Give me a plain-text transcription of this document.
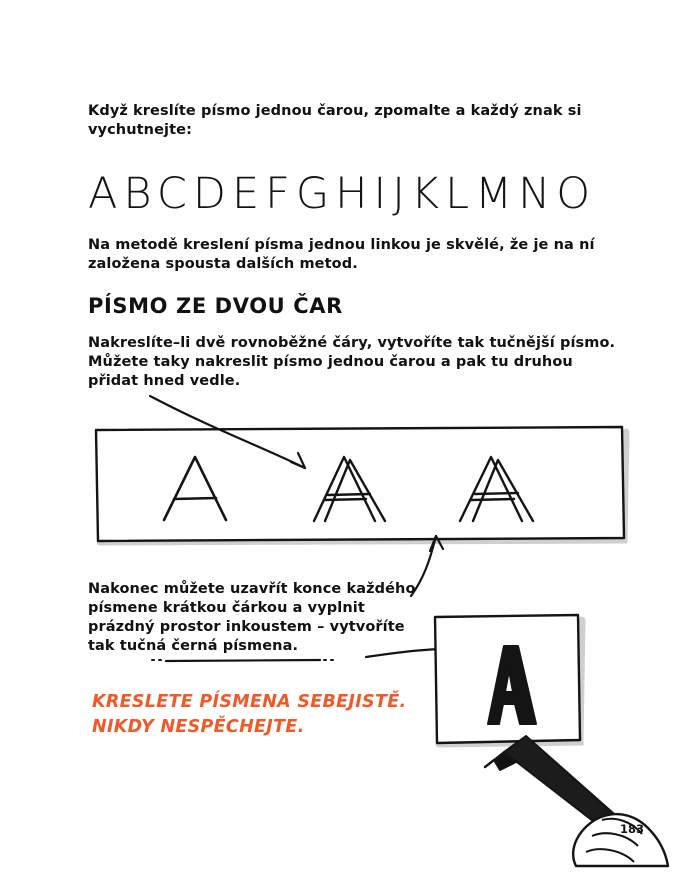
Když kreslíte písmo jednou čarou, zpomalte a každý znak si vychutnejte:
ABCDEFGHIJKLMNO
Na metodě kreslení písma jednou linkou je skvělé, že je na ní založena spousta dalších metod.
PÍSMO ZE DVOU ČAR
Nakreslíte–li dvě rovnoběžné čáry, vytvoříte tak tučnější písmo. Můžete taky nakreslit písmo jednou čarou a pak tu druhou přidat hned vedle.
Nakonec můžete uzavřít konce každého písmene krátkou čárkou a vyplnit prázdný prostor inkoustem – vytvoříte tak tučná černá písmena.
KRESLETE PÍSMENA SEBEJISTĚ. NIKDY NESPĚCHEJTE.
183
